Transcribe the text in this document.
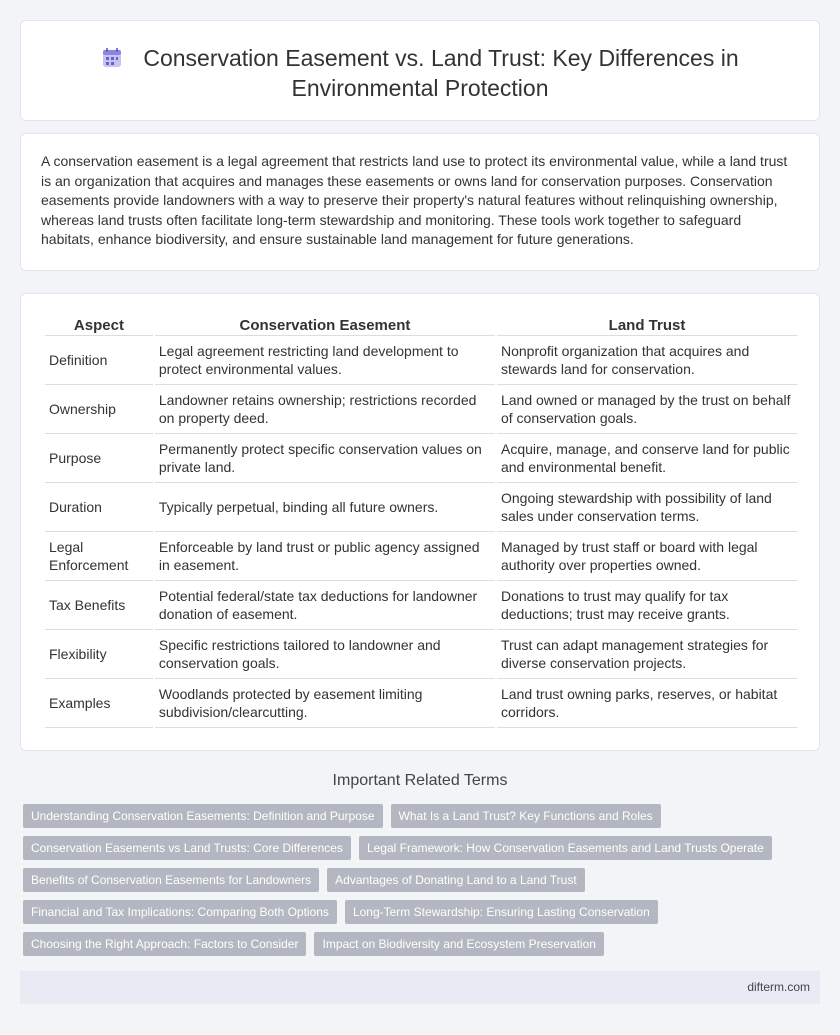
Conservation Easement vs. Land Trust: Key Differences in
Environmental Protection

A conservation easement is a legal agreement that restricts land use to protect its environmental value, while a land trust is an organization that acquires and manages these easements or owns land for conservation purposes. Conservation easements provide landowners with a way to preserve their property's natural features without relinquishing ownership, whereas land trusts often facilitate long-term stewardship and monitoring. These tools work together to safeguard habitats, enhance biodiversity, and ensure sustainable land management for future generations.

Aspect	Conservation Easement	Land Trust
Definition	Legal agreement restricting land development to protect environmental values.	Nonprofit organization that acquires and stewards land for conservation.
Ownership	Landowner retains ownership; restrictions recorded on property deed.	Land owned or managed by the trust on behalf of conservation goals.
Purpose	Permanently protect specific conservation values on private land.	Acquire, manage, and conserve land for public and environmental benefit.
Duration	Typically perpetual, binding all future owners.	Ongoing stewardship with possibility of land sales under conservation terms.
Legal Enforcement	Enforceable by land trust or public agency assigned in easement.	Managed by trust staff or board with legal authority over properties owned.
Tax Benefits	Potential federal/state tax deductions for landowner donation of easement.	Donations to trust may qualify for tax deductions; trust may receive grants.
Flexibility	Specific restrictions tailored to landowner and conservation goals.	Trust can adapt management strategies for diverse conservation projects.
Examples	Woodlands protected by easement limiting subdivision/clearcutting.	Land trust owning parks, reserves, or habitat corridors.
Important Related Terms
Understanding Conservation Easements: Definition and Purpose	What Is a Land Trust? Key Functions and Roles
Conservation Easements vs Land Trusts: Core Differences	Legal Framework: How Conservation Easements and Land Trusts Operate
Benefits of Conservation Easements for Landowners	Advantages of Donating Land to a Land Trust
Financial and Tax Implications: Comparing Both Options	Long-Term Stewardship: Ensuring Lasting Conservation
Choosing the Right Approach: Factors to Consider	Impact on Biodiversity and Ecosystem Preservation
difterm.com
